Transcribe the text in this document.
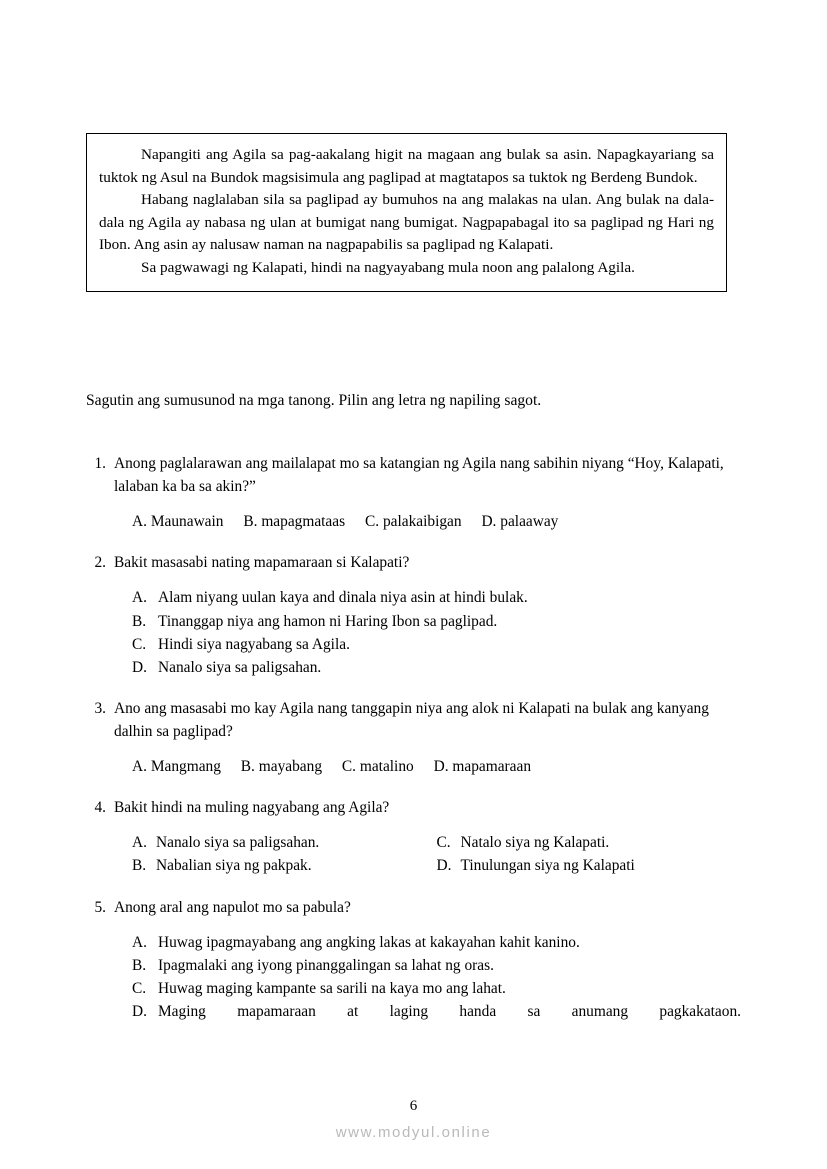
Napangiti ang Agila sa pag-aakalang higit na magaan ang bulak sa asin. Napagkayariang sa tuktok ng Asul na Bundok magsisimula ang paglipad at magtatapos sa tuktok ng Berdeng Bundok.

Habang naglalaban sila sa paglipad ay bumuhos na ang malakas na ulan. Ang bulak na dala-dala ng Agila ay nabasa ng ulan at bumigat nang bumigat. Nagpapabagal ito sa paglipad ng Hari ng Ibon. Ang asin ay nalusaw naman na nagpapabilis sa paglipad ng Kalapati.

Sa pagwawagi ng Kalapati, hindi na nagyayabang mula noon ang palalong Agila.

Sagutin ang sumusunod na mga tanong. Pilin ang letra ng napiling sagot.
1. Anong paglalarawan ang mailalapat mo sa katangian ng Agila nang sabihin niyang “Hoy, Kalapati, lalaban ka ba sa akin?”
A. Maunawain B. mapagmataas C. palakaibigan D. palaaway
2. Bakit masasabi nating mapamaraan si Kalapati?
A. Alam niyang uulan kaya and dinala niya asin at hindi bulak.
B. Tinanggap niya ang hamon ni Haring Ibon sa paglipad.
C. Hindi siya nagyabang sa Agila.
D. Nanalo siya sa paligsahan.
3. Ano ang masasabi mo kay Agila nang tanggapin niya ang alok ni Kalapati na bulak ang kanyang dalhin sa paglipad?
A. Mangmang B. mayabang C. matalino D. mapamaraan
4. Bakit hindi na muling nagyabang ang Agila?
A. Nanalo siya sa paligsahan.	C. Natalo siya ng Kalapati.
B. Nabalian siya ng pakpak.	D. Tinulungan siya ng Kalapati
5. Anong aral ang napulot mo sa pabula?
A. Huwag ipagmayabang ang angking lakas at kakayahan kahit kanino.
B. Ipagmalaki ang iyong pinanggalingan sa lahat ng oras.
C. Huwag maging kampante sa sarili na kaya mo ang lahat.
D. Maging mapamaraan at laging handa sa anumang pagkakataon.
6
www.modyul.online
